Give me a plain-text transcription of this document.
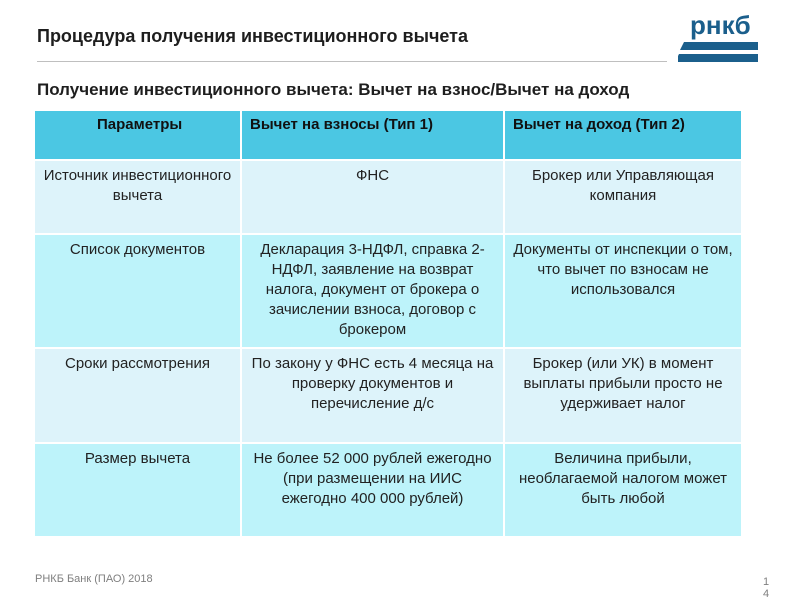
Процедура получения инвестиционного вычета	рнкб
Получение инвестиционного вычета: Вычет на взнос/Вычет на доход
Параметры	Вычет на взносы (Тип 1)	Вычет на доход (Тип 2)
Источник инвестиционного вычета	ФНС	Брокер или Управляющая компания
Список документов	Декларация 3-НДФЛ, справка 2-НДФЛ, заявление на возврат налога, документ от брокера о зачислении взноса, договор с брокером	Документы от инспекции о том, что вычет по взносам не использовался
Сроки рассмотрения	По закону у ФНС есть 4 месяца на проверку документов и перечисление д/с	Брокер (или УК) в момент выплаты прибыли просто не удерживает налог
Размер вычета	Не более 52 000 рублей ежегодно (при размещении на ИИС ежегодно 400 000 рублей)	Величина прибыли, необлагаемой налогом может быть любой
РНКБ Банк (ПАО) 2018	14
